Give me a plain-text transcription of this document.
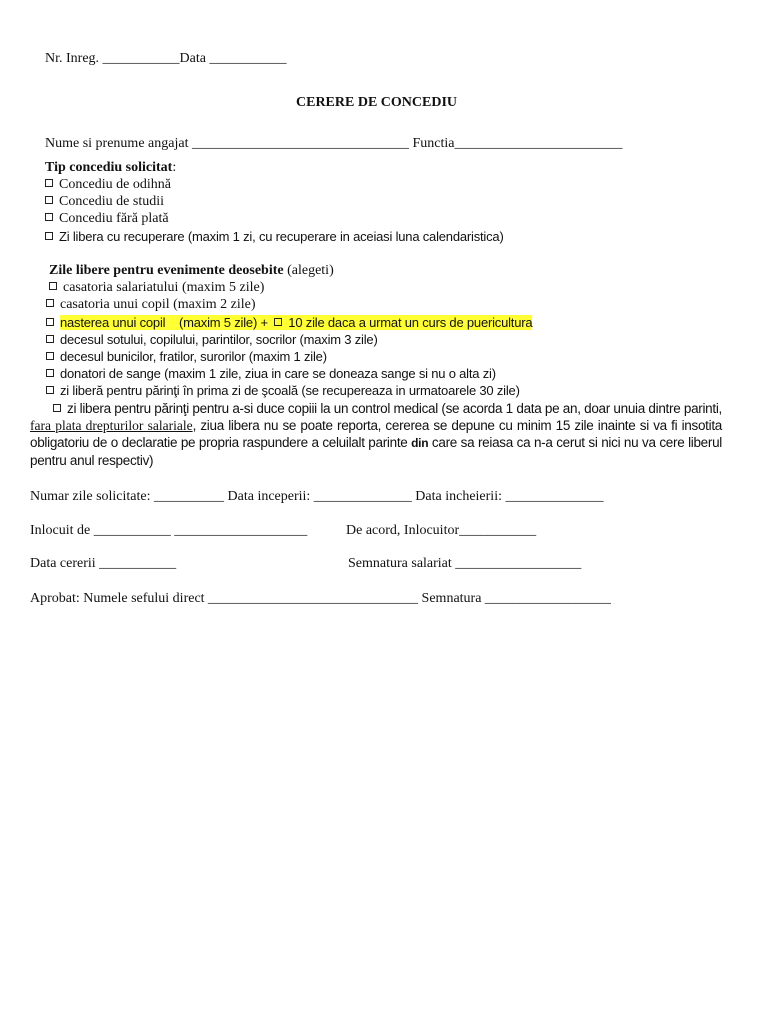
Nr. Inreg. ___________Data ___________
CERERE DE CONCEDIU
Nume si prenume angajat _______________________________ Functia________________________
Tip concediu solicitat:
Concediu de odihnă
Concediu de studii
Concediu fără plată
Zi libera cu recuperare (maxim 1 zi, cu recuperare in aceiasi luna calendaristica)
Zile libere pentru evenimente deosebite (alegeti)
casatoria salariatului (maxim 5 zile)
casatoria unui copil (maxim 2 zile)
nasterea unui copil    (maxim 5 zile) + 10 zile daca a urmat un curs de puericultura
decesul sotului, copilului, parintilor, socrilor (maxim 3 zile)
decesul bunicilor, fratilor, surorilor (maxim 1 zile)
donatori de sange (maxim 1 zile, ziua in care se doneaza sange si nu o alta zi)
zi liberă pentru părinţi în prima zi de şcoală (se recupereaza in urmatoarele 30 zile)
zi libera pentru părinţi pentru a-si duce copiii la un control medical (se acorda 1 data pe an, doar unuia dintre parinti, fara plata drepturilor salariale, ziua libera nu se poate reporta, cererea se depune cu minim 15 zile inainte si va fi insotita obligatoriu de o declaratie pe propria raspundere a celuilalt parinte din care sa reiasa ca n-a cerut si nici nu va cere liberul pentru anul respectiv)
Numar zile solicitate: __________ Data inceperii: ______________ Data incheierii: ______________
Inlocuit de ___________ ___________________	De acord, Inlocuitor___________
Data cererii ___________	Semnatura salariat __________________
Aprobat: Numele sefului direct ______________________________ Semnatura __________________
